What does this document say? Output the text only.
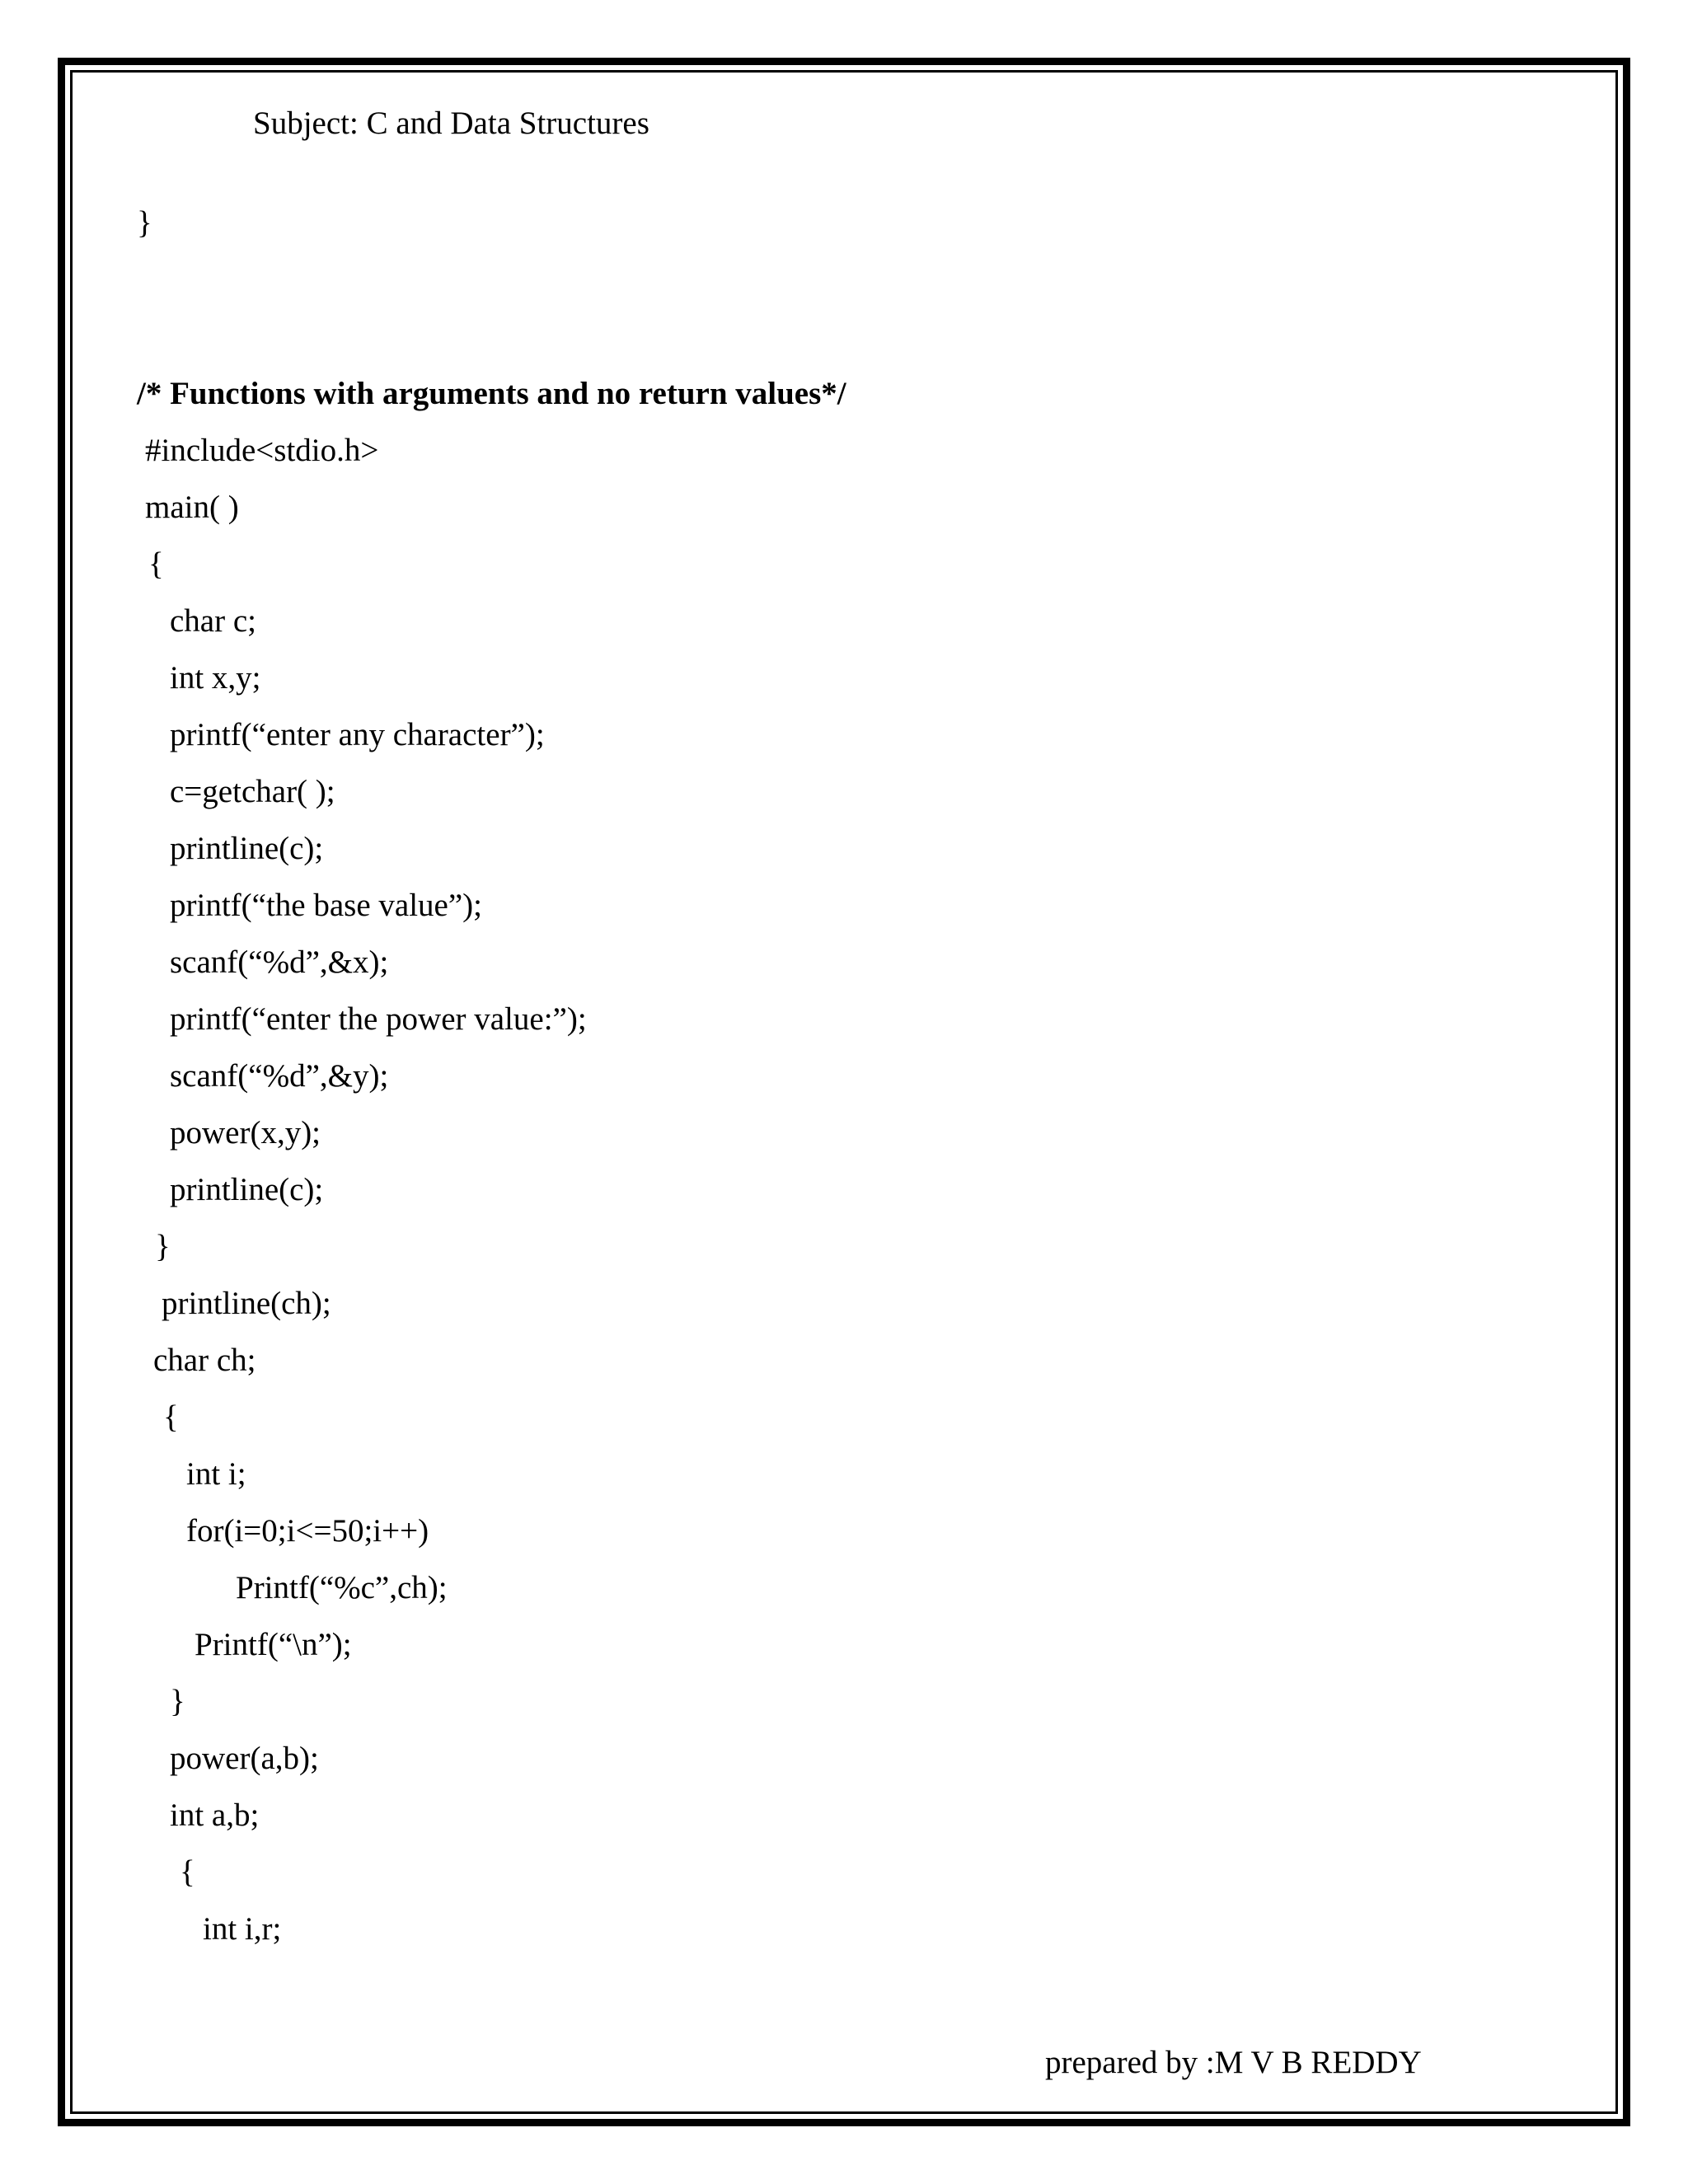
Subject: C and Data Structures
}
/* Functions with arguments and no return values*/
#include<stdio.h>
main( )
{
char c;
int x,y;
printf(“enter any character”);
c=getchar( );
printline(c);
printf(“the base value”);
scanf(“%d”,&x);
printf(“enter the power value:”);
scanf(“%d”,&y);
power(x,y);
printline(c);
}
printline(ch);
char ch;
{
int i;
for(i=0;i<=50;i++)
Printf(“%c”,ch);
Printf(“\n”);
}
power(a,b);
int a,b;
{
int i,r;
prepared by :M V B REDDY
